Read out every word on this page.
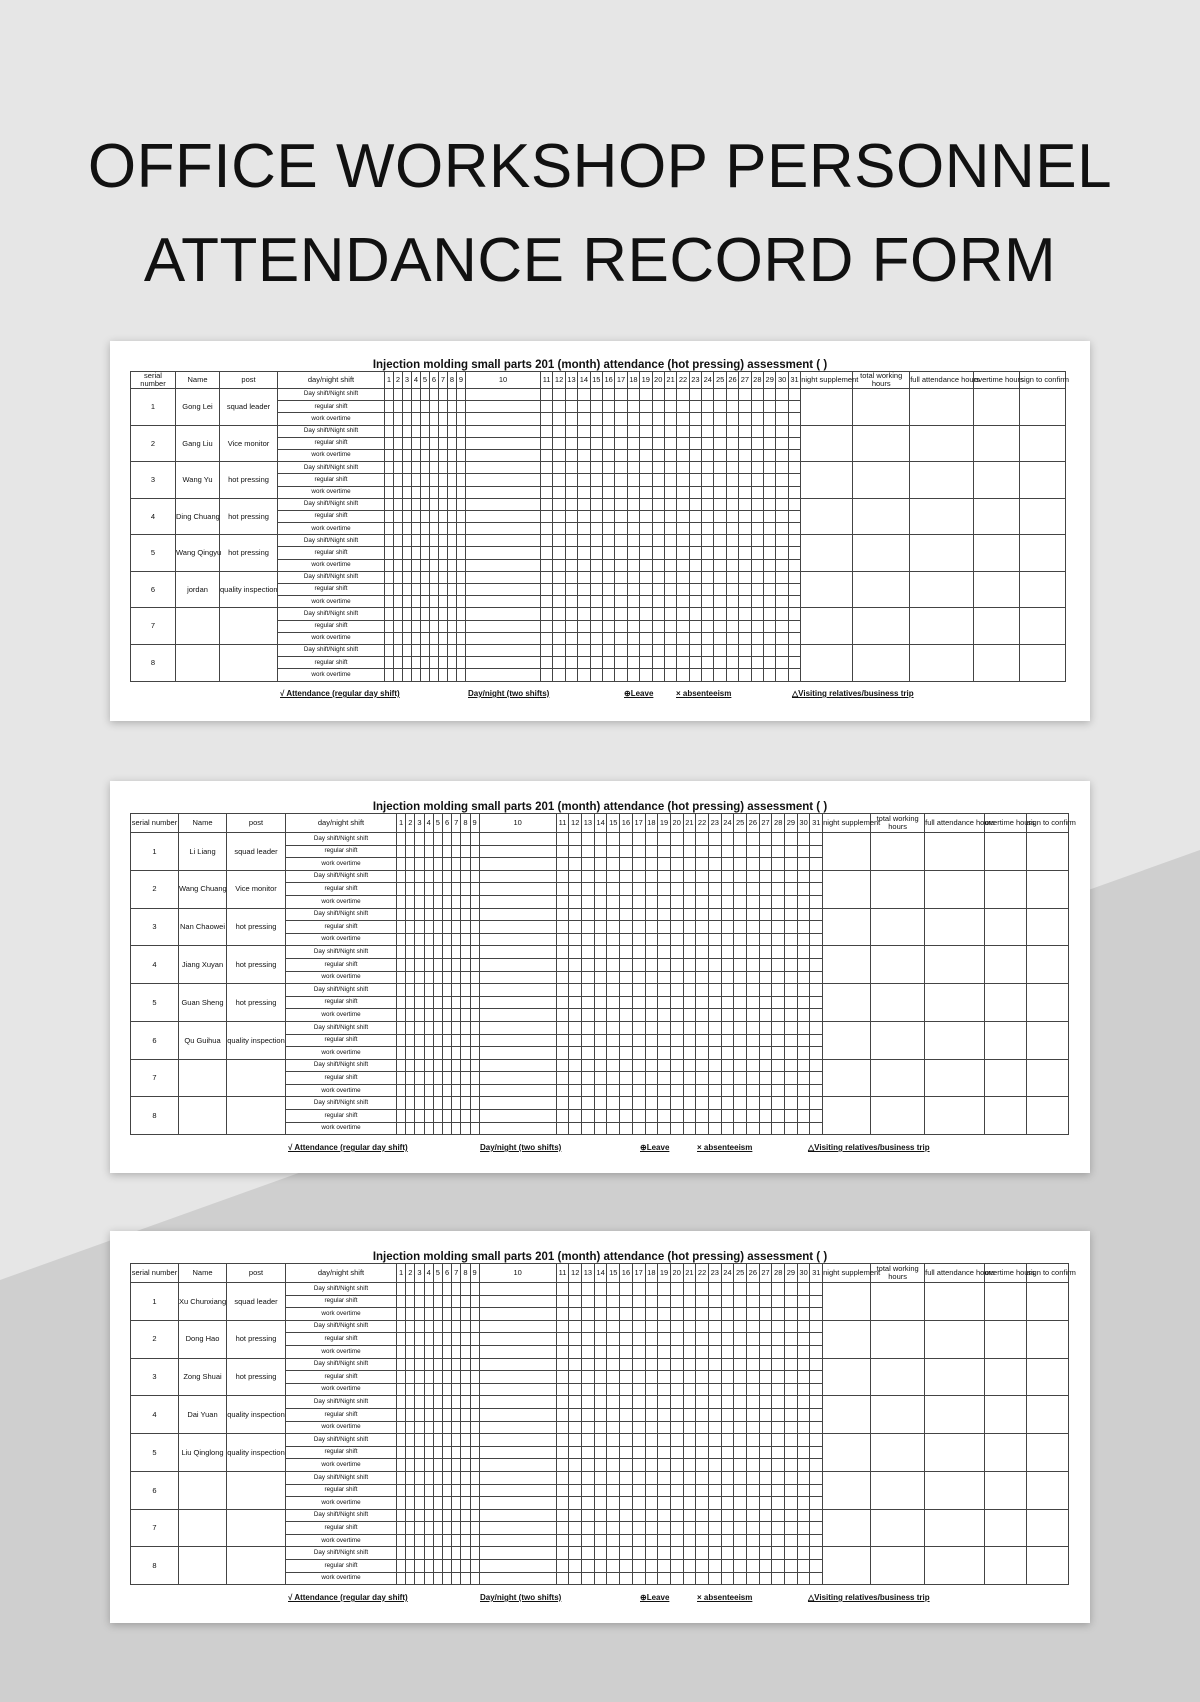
OFFICE WORKSHOP PERSONNEL
ATTENDANCE RECORD FORM
Injection molding small parts 201 (month) attendance (hot pressing) assessment ( )
serial number	Name	post	day/night shift	1	2	3	4	5	6	7	8	9	10	11	12	13	14	15	16	17	18	19	20	21	22	23	24	25	26	27	28	29	30	31	night supplement	total working hours	full attendance hours	overtime hours	sign to confirm
1	Gong Lei	squad leader	Day shift/Night shift																																				
			regular shift																																				
			work overtime																																				
2	Gang Liu	Vice monitor	Day shift/Night shift																																				
			regular shift																																				
			work overtime																																				
3	Wang Yu	hot pressing	Day shift/Night shift																																				
			regular shift																																				
			work overtime																																				
4	Ding Chuang	hot pressing	Day shift/Night shift																																				
			regular shift																																				
			work overtime																																				
5	Wang Qingyu	hot pressing	Day shift/Night shift																																				
			regular shift																																				
			work overtime																																				
6	jordan	quality inspection	Day shift/Night shift																																				
			regular shift																																				
			work overtime																																				
7			Day shift/Night shift																																				
			regular shift																																				
			work overtime																																				
8			Day shift/Night shift																																				
			regular shift																																				
			work overtime																																				
√ Attendance (regular day shift)	Day/night (two shifts)	⊕Leave	× absenteeism	△Visiting relatives/business trip
Injection molding small parts 201 (month) attendance (hot pressing) assessment ( )
serial number	Name	post	day/night shift	1	2	3	4	5	6	7	8	9	10	11	12	13	14	15	16	17	18	19	20	21	22	23	24	25	26	27	28	29	30	31	night supplement	total working hours	full attendance hours	overtime hours	sign to confirm
1	Li Liang	squad leader	Day shift/Night shift																																				
			regular shift																																				
			work overtime																																				
2	Wang Chuang	Vice monitor	Day shift/Night shift																																				
			regular shift																																				
			work overtime																																				
3	Nan Chaowei	hot pressing	Day shift/Night shift																																				
			regular shift																																				
			work overtime																																				
4	Jiang Xuyan	hot pressing	Day shift/Night shift																																				
			regular shift																																				
			work overtime																																				
5	Guan Sheng	hot pressing	Day shift/Night shift																																				
			regular shift																																				
			work overtime																																				
6	Qu Guihua	quality inspection	Day shift/Night shift																																				
			regular shift																																				
			work overtime																																				
7			Day shift/Night shift																																				
			regular shift																																				
			work overtime																																				
8			Day shift/Night shift																																				
			regular shift																																				
			work overtime																																				
√ Attendance (regular day shift)	Day/night (two shifts)	⊕Leave	× absenteeism	△Visiting relatives/business trip
Injection molding small parts 201 (month) attendance (hot pressing) assessment ( )
serial number	Name	post	day/night shift	1	2	3	4	5	6	7	8	9	10	11	12	13	14	15	16	17	18	19	20	21	22	23	24	25	26	27	28	29	30	31	night supplement	total working hours	full attendance hours	overtime hours	sign to confirm
1	Xu Chunxiang	squad leader	Day shift/Night shift																																				
			regular shift																																				
			work overtime																																				
2	Dong Hao	hot pressing	Day shift/Night shift																																				
			regular shift																																				
			work overtime																																				
3	Zong Shuai	hot pressing	Day shift/Night shift																																				
			regular shift																																				
			work overtime																																				
4	Dai Yuan	quality inspection	Day shift/Night shift																																				
			regular shift																																				
			work overtime																																				
5	Liu Qinglong	quality inspection	Day shift/Night shift																																				
			regular shift																																				
			work overtime																																				
6			Day shift/Night shift																																				
			regular shift																																				
			work overtime																																				
7			Day shift/Night shift																																				
			regular shift																																				
			work overtime																																				
8			Day shift/Night shift																																				
			regular shift																																				
			work overtime																																				
√ Attendance (regular day shift)	Day/night (two shifts)	⊕Leave	× absenteeism	△Visiting relatives/business trip
